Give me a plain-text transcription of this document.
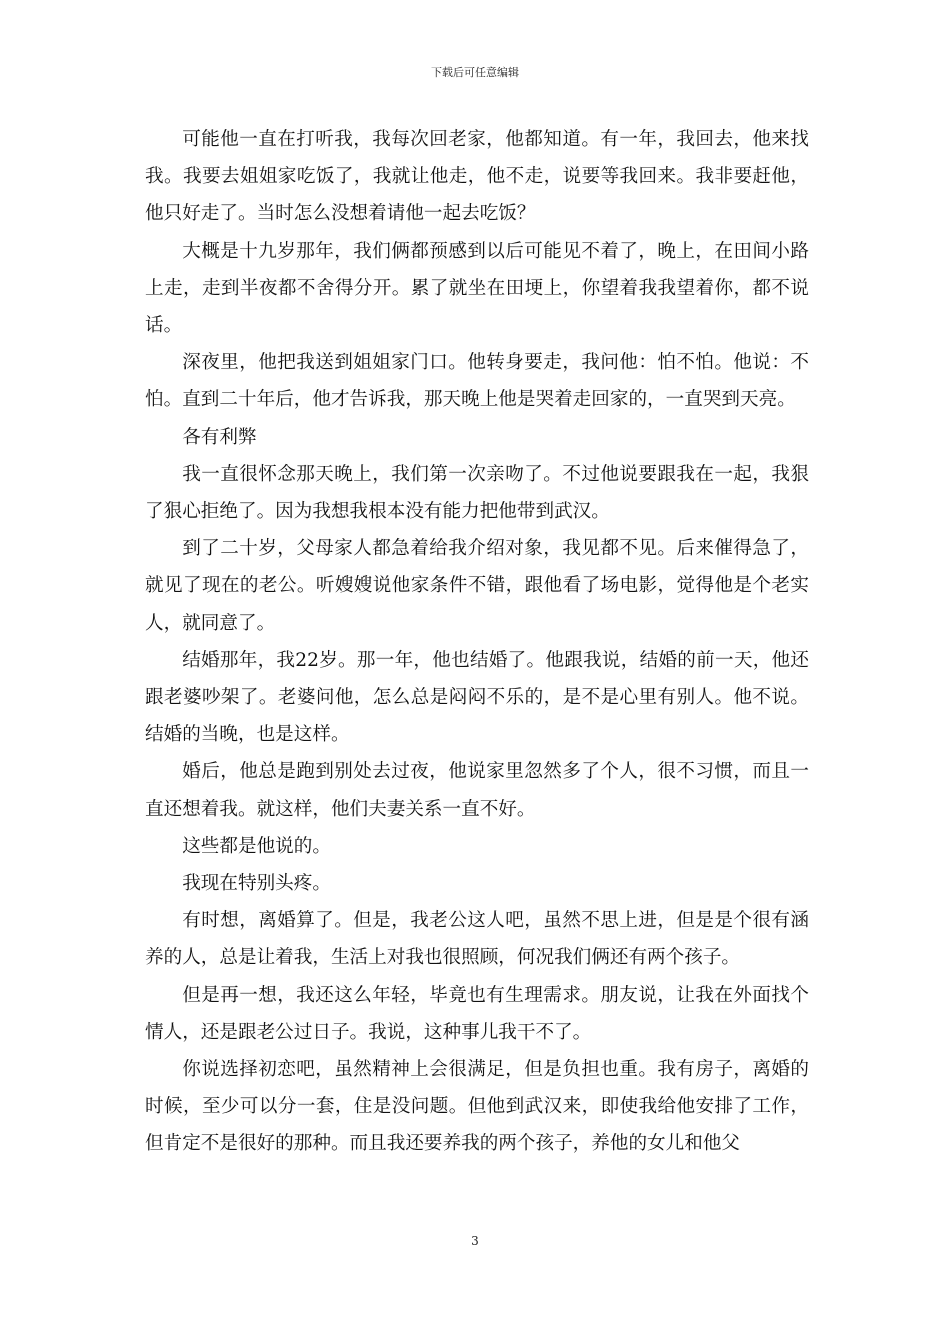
下载后可任意编辑

可能他一直在打听我，我每次回老家，他都知道。有一年，我回去，他来找我。我要去姐姐家吃饭了，我就让他走，他不走，说要等我回来。我非要赶他，他只好走了。当时怎么没想着请他一起去吃饭？

大概是十九岁那年，我们俩都预感到以后可能见不着了，晚上，在田间小路上走，走到半夜都不舍得分开。累了就坐在田埂上，你望着我我望着你，都不说话。

深夜里，他把我送到姐姐家门口。他转身要走，我问他：怕不怕。他说：不怕。直到二十年后，他才告诉我，那天晚上他是哭着走回家的，一直哭到天亮。

各有利弊

我一直很怀念那天晚上，我们第一次亲吻了。不过他说要跟我在一起，我狠了狠心拒绝了。因为我想我根本没有能力把他带到武汉。

到了二十岁，父母家人都急着给我介绍对象，我见都不见。后来催得急了，就见了现在的老公。听嫂嫂说他家条件不错，跟他看了场电影，觉得他是个老实人，就同意了。

结婚那年，我22岁。那一年，他也结婚了。他跟我说，结婚的前一天，他还跟老婆吵架了。老婆问他，怎么总是闷闷不乐的，是不是心里有别人。他不说。结婚的当晚，也是这样。

婚后，他总是跑到别处去过夜，他说家里忽然多了个人，很不习惯，而且一直还想着我。就这样，他们夫妻关系一直不好。

这些都是他说的。

我现在特别头疼。

有时想，离婚算了。但是，我老公这人吧，虽然不思上进，但是是个很有涵养的人，总是让着我，生活上对我也很照顾，何况我们俩还有两个孩子。

但是再一想，我还这么年轻，毕竟也有生理需求。朋友说，让我在外面找个情人，还是跟老公过日子。我说，这种事儿我干不了。

你说选择初恋吧，虽然精神上会很满足，但是负担也重。我有房子，离婚的时候，至少可以分一套，住是没问题。但他到武汉来，即使我给他安排了工作，但肯定不是很好的那种。而且我还要养我的两个孩子，养他的女儿和他父

3
